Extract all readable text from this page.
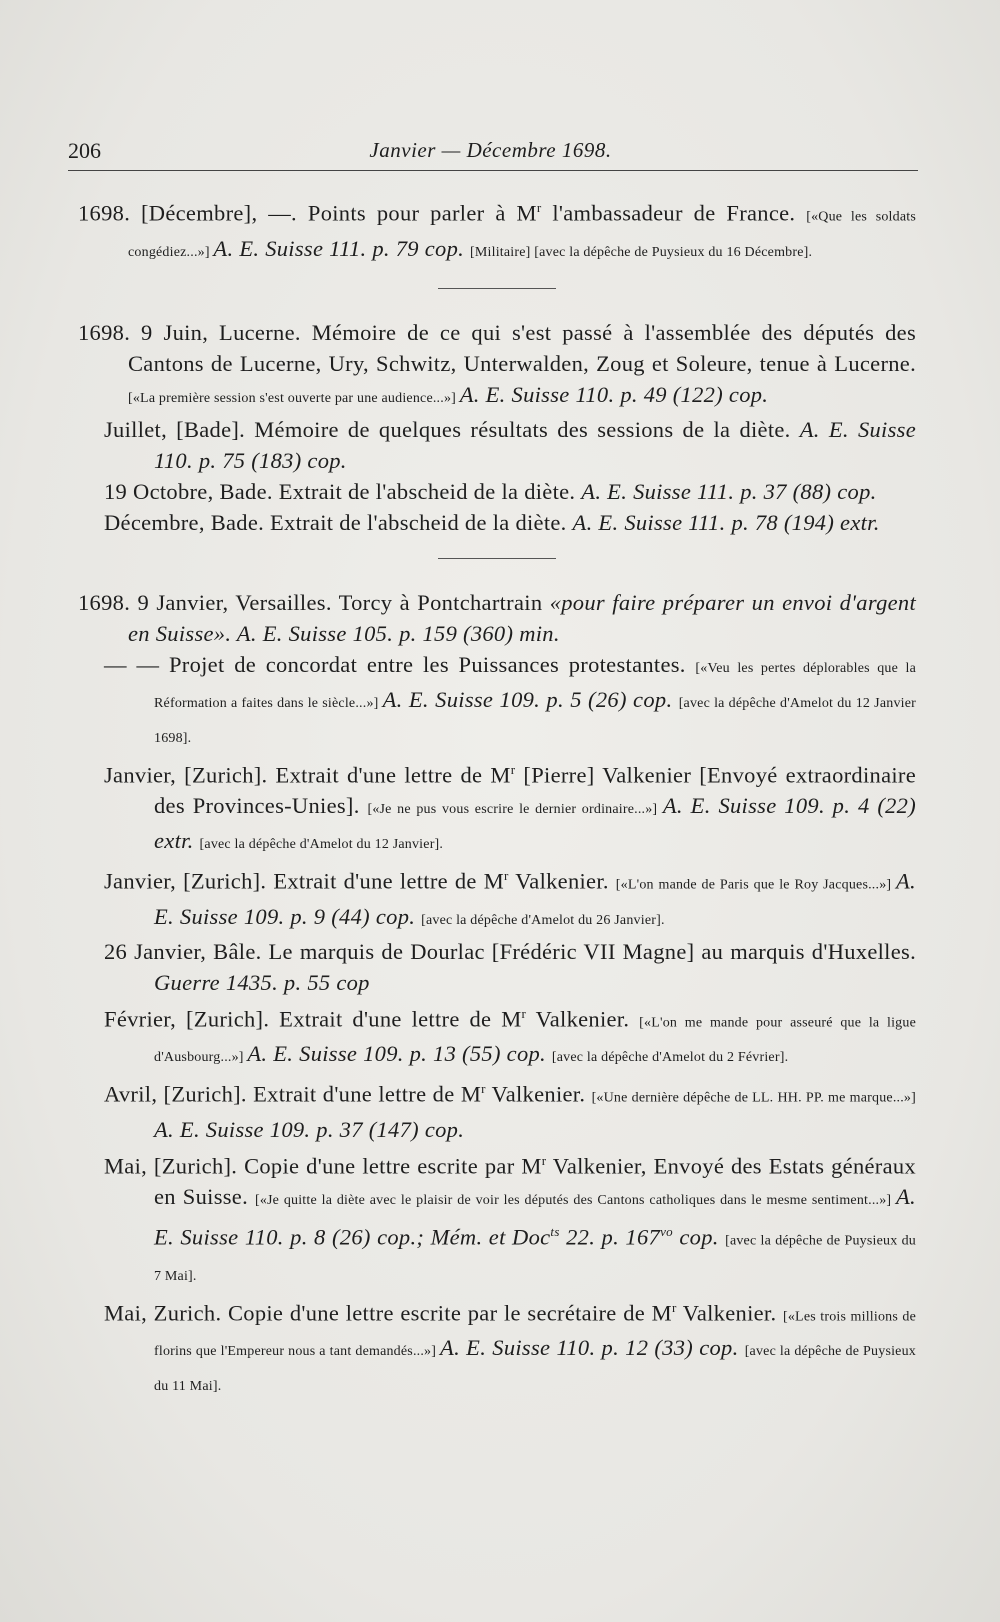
206	Janvier — Décembre 1698.

1698. [Décembre], —. Points pour parler à $M^r$ l'ambassadeur de France. [«Que les soldats congédiez...»] A. E. Suisse 111. p. 79 cop. [Militaire] [avec la dépêche de Puysieux du 16 Décembre].

1698. 9 Juin, Lucerne. Mémoire de ce qui s'est passé à l'assemblée des députés des Cantons de Lucerne, Ury, Schwitz, Unterwalden, Zoug et Soleure, tenue à Lucerne. [«La première session s'est ouverte par une audience...»] A. E. Suisse 110. p. 49 (122) cop.

Juillet, [Bade]. Mémoire de quelques résultats des sessions de la diète. A. E. Suisse 110. p. 75 (183) cop.

19 Octobre, Bade. Extrait de l'abscheid de la diète. A. E. Suisse 111. p. 37 (88) cop.

Décembre, Bade. Extrait de l'abscheid de la diète. A. E. Suisse 111. p. 78 (194) extr.

1698. 9 Janvier, Versailles. Torcy à Pontchartrain «pour faire préparer un envoi d'argent en Suisse». A. E. Suisse 105. p. 159 (360) min.

— — Projet de concordat entre les Puissances protestantes. [«Veu les pertes déplorables que la Réformation a faites dans le siècle...»] A. E. Suisse 109. p. 5 (26) cop. [avec la dépêche d'Amelot du 12 Janvier 1698].

Janvier, [Zurich]. Extrait d'une lettre de $M^r$ [Pierre] Valkenier [Envoyé extraordinaire des Provinces-Unies]. [«Je ne pus vous escrire le dernier ordinaire...»] A. E. Suisse 109. p. 4 (22) extr. [avec la dépêche d'Amelot du 12 Janvier].

Janvier, [Zurich]. Extrait d'une lettre de $M^r$ Valkenier. [«L'on mande de Paris que le Roy Jacques...»] A. E. Suisse 109. p. 9 (44) cop. [avec la dépêche d'Amelot du 26 Janvier].

26 Janvier, Bâle. Le marquis de Dourlac [Frédéric VII Magne] au marquis d'Huxelles. Guerre 1435. p. 55 cop

Février, [Zurich]. Extrait d'une lettre de $M^r$ Valkenier. [«L'on me mande pour asseuré que la ligue d'Ausbourg...»] A. E. Suisse 109. p. 13 (55) cop. [avec la dépêche d'Amelot du 2 Février].

Avril, [Zurich]. Extrait d'une lettre de $M^r$ Valkenier. [«Une dernière dépêche de LL. HH. PP. me marque...»] A. E. Suisse 109. p. 37 (147) cop.

Mai, [Zurich]. Copie d'une lettre escrite par $M^r$ Valkenier, Envoyé des Estats généraux en Suisse. [«Je quitte la diète avec le plaisir de voir les députés des Cantons catholiques dans le mesme sentiment...»] A. E. Suisse 110. p. 8 (26) cop.; Mém. et Doc$^{ts}$ 22. p. $167^{vo}$ cop. [avec la dépêche de Puysieux du 7 Mai].

Mai, Zurich. Copie d'une lettre escrite par le secrétaire de $M^r$ Valkenier. [«Les trois millions de florins que l'Empereur nous a tant demandés...»] A. E. Suisse 110. p. 12 (33) cop. [avec la dépêche de Puysieux du 11 Mai].
